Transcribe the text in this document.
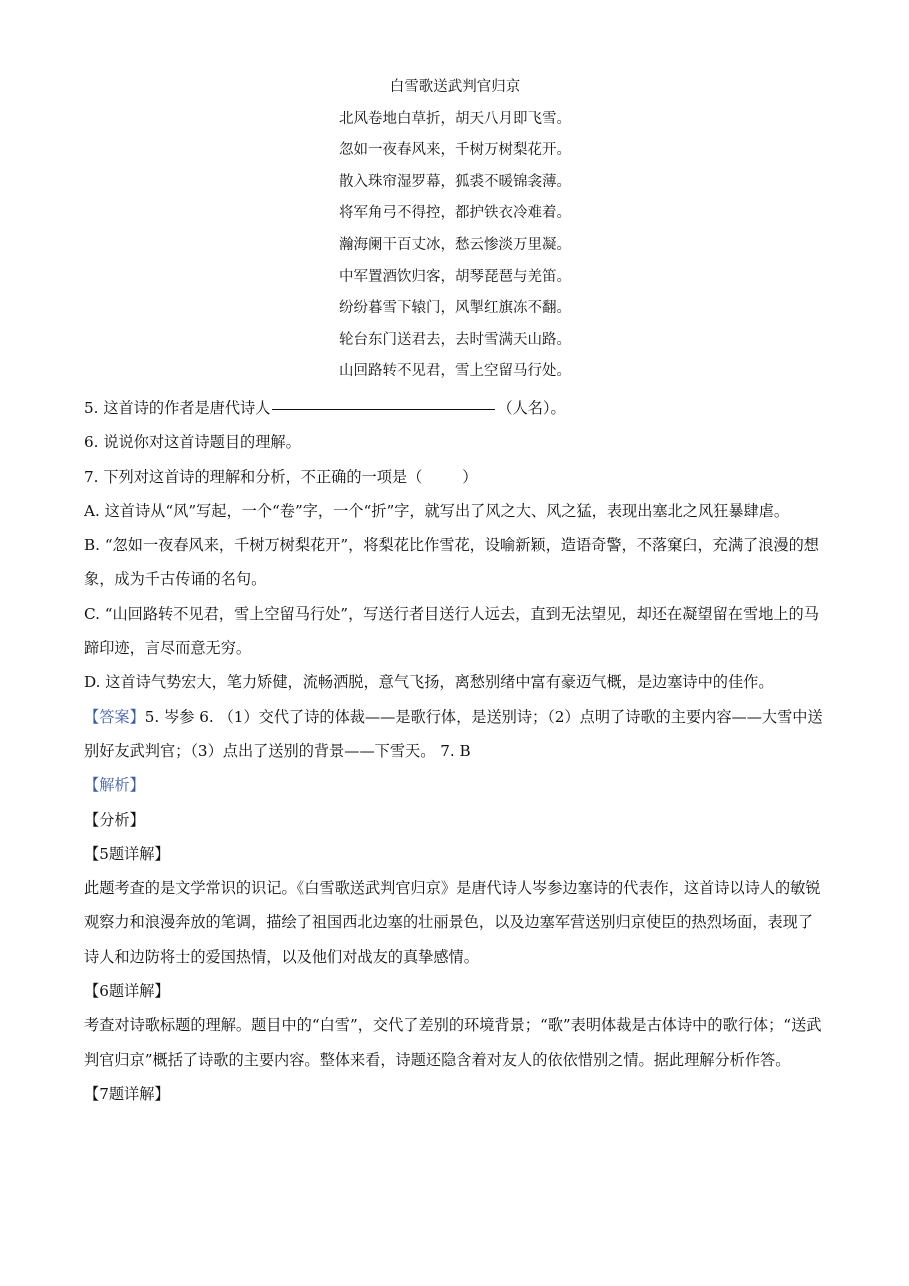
白雪歌送武判官归京
北风卷地白草折，胡天八月即飞雪。
忽如一夜春风来，千树万树梨花开。
散入珠帘湿罗幕，狐裘不暖锦衾薄。
将军角弓不得控，都护铁衣冷难着。
瀚海阑干百丈冰，愁云惨淡万里凝。
中军置酒饮归客，胡琴琵琶与羌笛。
纷纷暮雪下辕门，风掣红旗冻不翻。
轮台东门送君去，去时雪满天山路。
山回路转不见君，雪上空留马行处。

5. 这首诗的作者是唐代诗人	（人名）。

6. 说说你对这首诗题目的理解。

7. 下列对这首诗的理解和分析，不正确的一项是（	）

A. 这首诗从“风”写起，一个“卷”字，一个“折”字，就写出了风之大、风之猛，表现出塞北之风狂暴肆虐。

B. “忽如一夜春风来，千树万树梨花开”，将梨花比作雪花，设喻新颖，造语奇警，不落窠臼，充满了浪漫的想象，成为千古传诵的名句。

C. “山回路转不见君，雪上空留马行处”，写送行者目送行人远去，直到无法望见，却还在凝望留在雪地上的马蹄印迹，言尽而意无穷。

D. 这首诗气势宏大，笔力矫健，流畅洒脱，意气飞扬，离愁别绪中富有豪迈气概，是边塞诗中的佳作。

【答案】5. 岑参 6. （1）交代了诗的体裁——是歌行体，是送别诗；（2）点明了诗歌的主要内容——大雪中送别好友武判官；（3）点出了送别的背景——下雪天。 7. B

【解析】

【分析】

【5题详解】

此题考查的是文学常识的识记。《白雪歌送武判官归京》是唐代诗人岑参边塞诗的代表作，这首诗以诗人的敏锐观察力和浪漫奔放的笔调，描绘了祖国西北边塞的壮丽景色，以及边塞军营送别归京使臣的热烈场面，表现了诗人和边防将士的爱国热情，以及他们对战友的真挚感情。

【6题详解】

考查对诗歌标题的理解。题目中的“白雪”，交代了差别的环境背景；“歌”表明体裁是古体诗中的歌行体；“送武判官归京”概括了诗歌的主要内容。整体来看，诗题还隐含着对友人的依依惜别之情。据此理解分析作答。

【7题详解】
